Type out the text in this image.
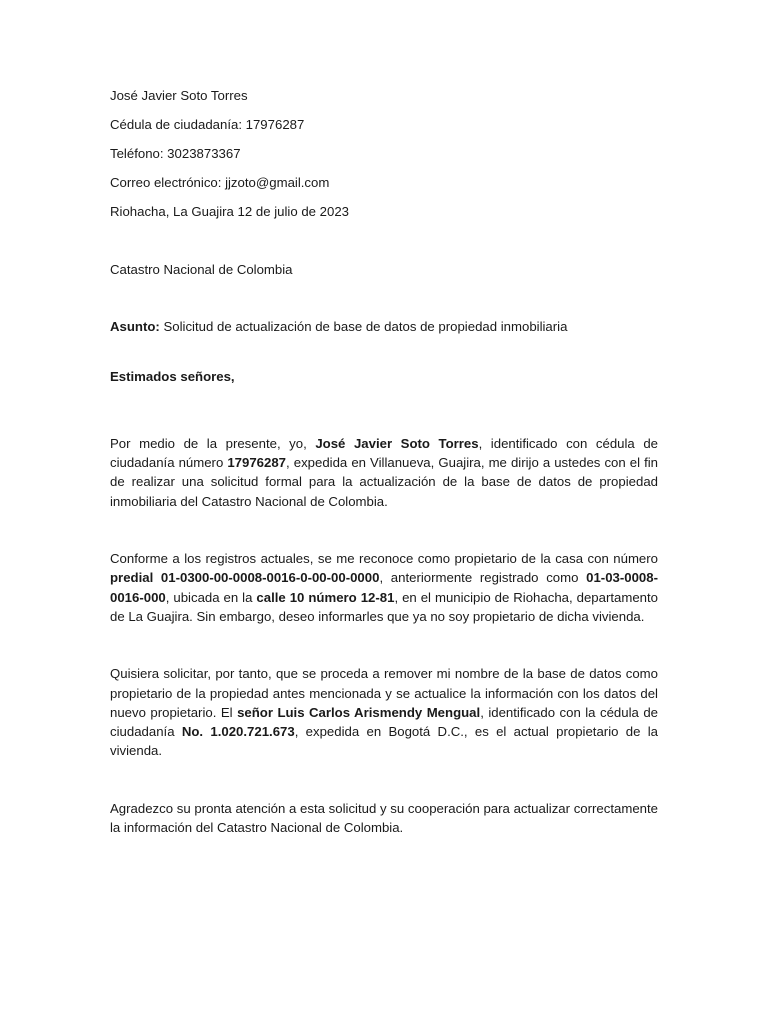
José Javier Soto Torres
Cédula de ciudadanía: 17976287
Teléfono: 3023873367
Correo electrónico: jjzoto@gmail.com
Riohacha, La Guajira 12 de julio de 2023
Catastro Nacional de Colombia
Asunto: Solicitud de actualización de base de datos de propiedad inmobiliaria
Estimados señores,

Por medio de la presente, yo, José Javier Soto Torres, identificado con cédula de ciudadanía número 17976287, expedida en Villanueva, Guajira, me dirijo a ustedes con el fin de realizar una solicitud formal para la actualización de la base de datos de propiedad inmobiliaria del Catastro Nacional de Colombia.

Conforme a los registros actuales, se me reconoce como propietario de la casa con número predial 01-0300-00-0008-0016-0-00-00-0000, anteriormente registrado como 01-03-0008-0016-000, ubicada en la calle 10 número 12-81, en el municipio de Riohacha, departamento de La Guajira. Sin embargo, deseo informarles que ya no soy propietario de dicha vivienda.

Quisiera solicitar, por tanto, que se proceda a remover mi nombre de la base de datos como propietario de la propiedad antes mencionada y se actualice la información con los datos del nuevo propietario. El señor Luis Carlos Arismendy Mengual, identificado con la cédula de ciudadanía No. 1.020.721.673, expedida en Bogotá D.C., es el actual propietario de la vivienda.

Agradezco su pronta atención a esta solicitud y su cooperación para actualizar correctamente la información del Catastro Nacional de Colombia.
